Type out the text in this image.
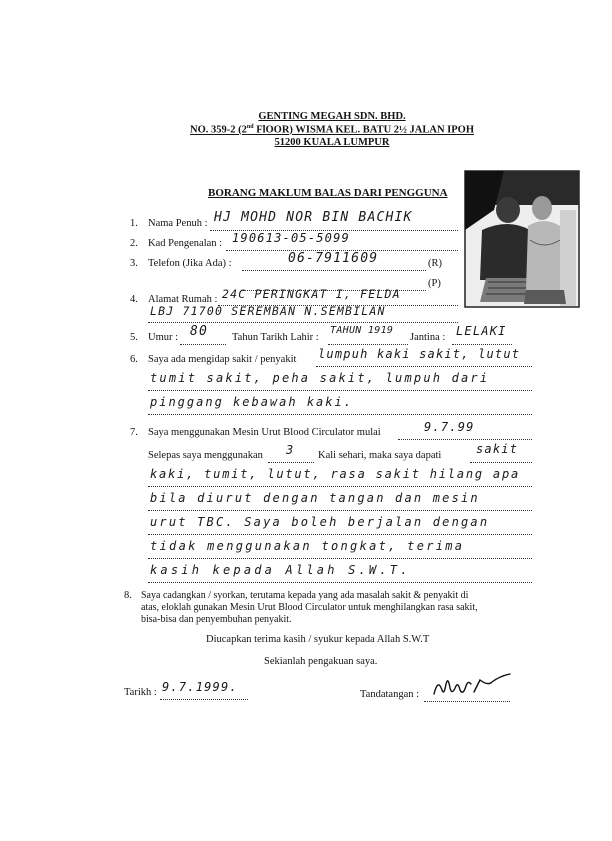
GENTING MEGAH SDN. BHD.
NO. 359-2 (2nd FlOOR) WISMA KEL. BATU 2½ JALAN IPOH
51200 KUALA LUMPUR
BORANG MAKLUM BALAS DARI PENGGUNA
1. Nama Penuh : HJ MOHD NOR BIN BACHIK
2. Kad Pengenalan : 190613-05-5099
3. Telefon (Jika Ada) :	06-7911609	(R)
(P)
4. Alamat Rumah : 24C PERINGKAT I, FELDA
LBJ 71700 SEREMBAN N.SEMBILAN
5. Umur : 80 Tahun Tarikh Lahir :
TAHUN 1919
Jantina : LELAKI
6. Saya ada mengidap sakit / penyakit lumpuh kaki sakit, lutut
tumit sakit, peha sakit, lumpuh dari
pinggang kebawah kaki.
7. Saya menggunakan Mesin Urut Blood Circulator mulai	9.7.99
Selepas saya menggunakan 3 Kali sehari, maka saya dapati	sakit
kaki, tumit, lutut, rasa sakit hilang apa
bila diurut dengan tangan dan mesin
urut TBC. Saya boleh berjalan dengan
tidak menggunakan tongkat, terima
kasih kepada Allah S.W.T.
8. Saya cadangkan / syorkan, terutama kepada yang ada masalah sakit & penyakit di
atas, eloklah gunakan Mesin Urut Blood Circulator untuk menghilangkan rasa sakit,
bisa-bisa dan penyembuhan penyakit.
Diucapkan terima kasih / syukur kepada Allah S.W.T
Sekianlah pengakuan saya.
Tarikh : 9.7.1999.
Tandatangan :
